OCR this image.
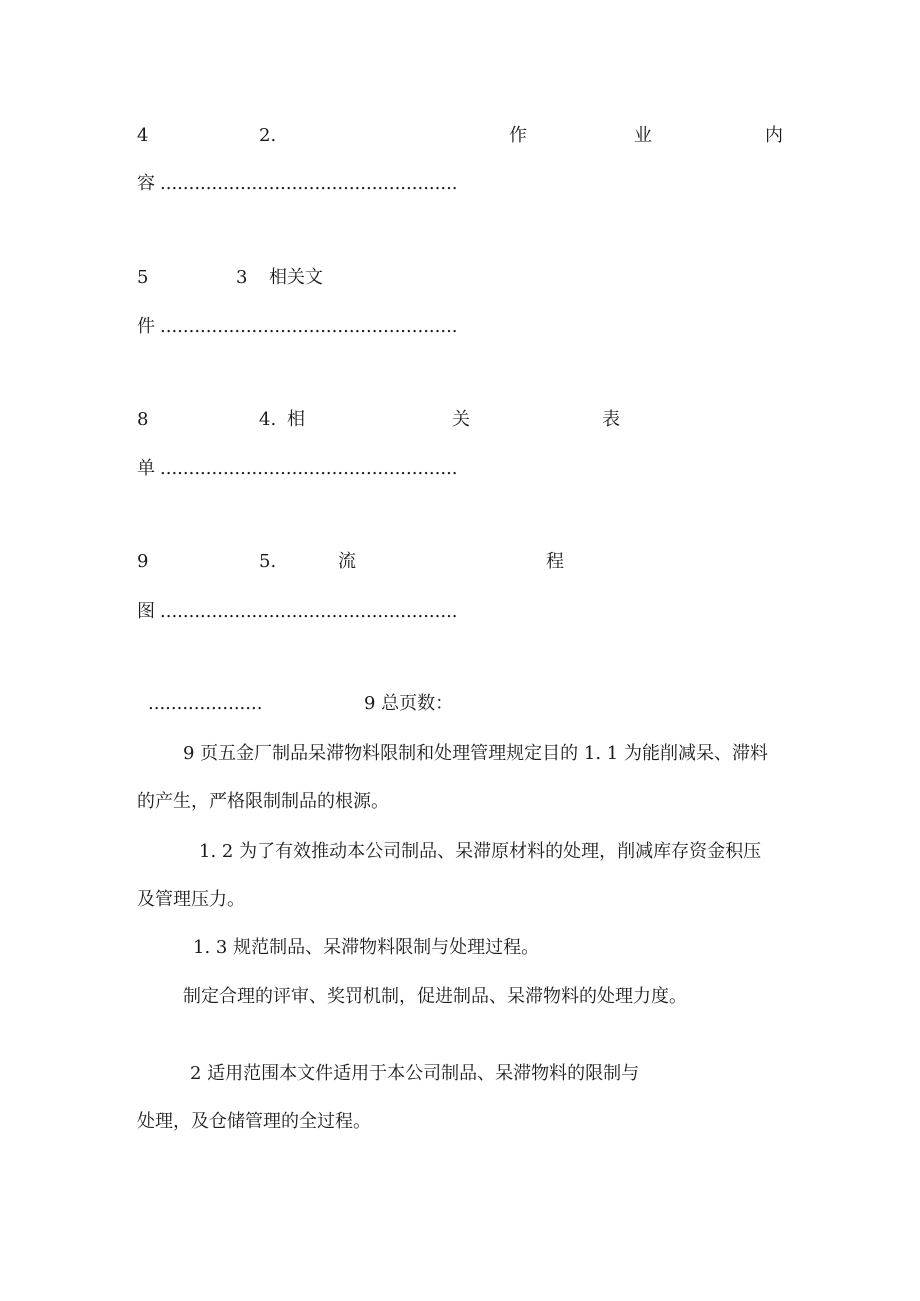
4	2.	作	业	内
容 ....................................................
5	3 相关文
件 ....................................................
8	4. 相	关	表
单 ....................................................
9	5.	流	程
图 ....................................................
....................	9 总页数：
9 页五金厂制品呆滞物料限制和处理管理规定目的 1. 1 为能削减呆、滞料
的产生，严格限制制品的根源。
1. 2 为了有效推动本公司制品、呆滞原材料的处理，削减库存资金积压
及管理压力。
1. 3 规范制品、呆滞物料限制与处理过程。
制定合理的评审、奖罚机制，促进制品、呆滞物料的处理力度。
2 适用范围本文件适用于本公司制品、呆滞物料的限制与
处理，及仓储管理的全过程。
